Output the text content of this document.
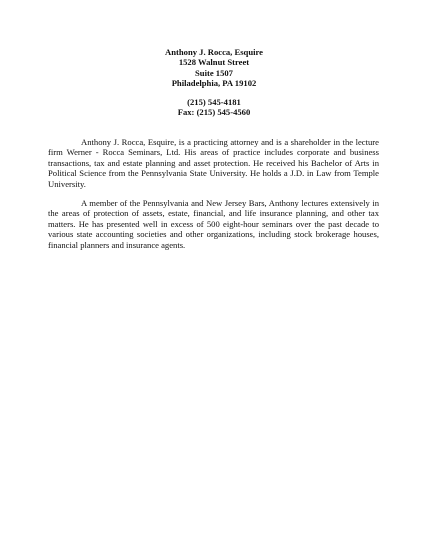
Anthony J. Rocca, Esquire
1528 Walnut Street
Suite 1507
Philadelphia, PA 19102
(215) 545-4181
Fax: (215) 545-4560

Anthony J. Rocca, Esquire, is a practicing attorney and is a shareholder in the lecture firm Werner - Rocca Seminars, Ltd. His areas of practice includes corporate and business transactions, tax and estate planning and asset protection. He received his Bachelor of Arts in Political Science from the Pennsylvania State University. He holds a J.D. in Law from Temple University.

A member of the Pennsylvania and New Jersey Bars, Anthony lectures extensively in the areas of protection of assets, estate, financial, and life insurance planning, and other tax matters. He has presented well in excess of 500 eight-hour seminars over the past decade to various state accounting societies and other organizations, including stock brokerage houses, financial planners and insurance agents.
